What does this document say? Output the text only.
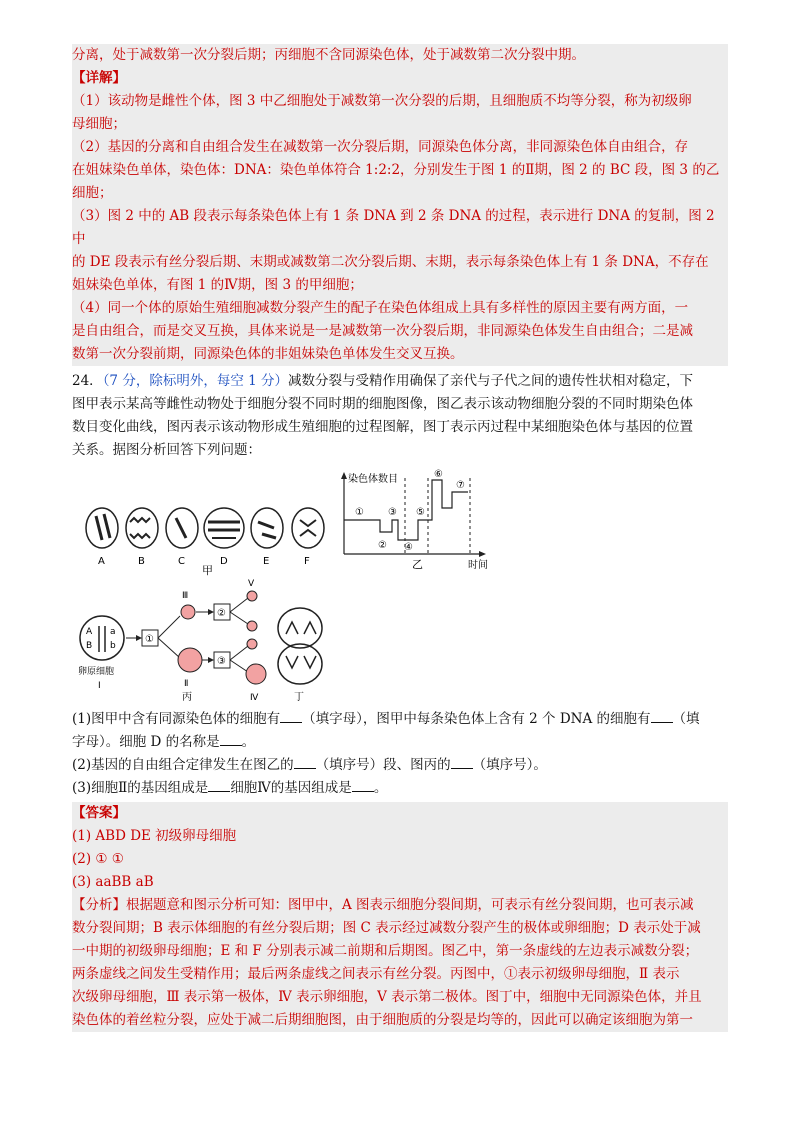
分离，处于减数第一次分裂后期；丙细胞不含同源染色体，处于减数第二次分裂中期。

【详解】

（1）该动物是雌性个体，图 3 中乙细胞处于减数第一次分裂的后期，且细胞质不均等分裂，称为初级卵

母细胞；

（2）基因的分离和自由组合发生在减数第一次分裂后期，同源染色体分离，非同源染色体自由组合，存

在姐妹染色单体，染色体：DNA：染色单体符合 1:2:2，分别发生于图 1 的Ⅱ期，图 2 的 BC 段，图 3 的乙

细胞；

（3）图 2 中的 AB 段表示每条染色体上有 1 条 DNA 到 2 条 DNA 的过程，表示进行 DNA 的复制，图 2 中

的 DE 段表示有丝分裂后期、末期或减数第二次分裂后期、末期，表示每条染色体上有 1 条 DNA，不存在

姐妹染色单体，有图 1 的Ⅳ期，图 3 的甲细胞；

（4）同一个体的原始生殖细胞减数分裂产生的配子在染色体组成上具有多样性的原因主要有两方面，一

是自由组合，而是交叉互换，具体来说是一是减数第一次分裂后期，非同源染色体发生自由组合；二是减

数第一次分裂前期，同源染色体的非姐妹染色单体发生交叉互换。

24．（7 分，除标明外，每空 1 分）减数分裂与受精作用确保了亲代与子代之间的遗传性状相对稳定，下

图甲表示某高等雌性动物处于细胞分裂不同时期的细胞图像，图乙表示该动物细胞分裂的不同时期染色体

数目变化曲线，图丙表示该动物形成生殖细胞的过程图解，图丁表示丙过程中某细胞染色体与基因的位置

关系。据图分析回答下列问题：

A	B	C	D	E	F
甲
染色体数目
时间
乙
①
②
③
④
⑤
⑥
⑦
A a
B b
卵原细胞
Ⅰ
①
Ⅲ
Ⅱ
丙
②
③
Ⅴ
Ⅳ	丁

(1)图甲中含有同源染色体的细胞有 （填字母），图甲中每条染色体上含有 2 个 DNA 的细胞有 （填

字母）。细胞 D 的名称是 。

(2)基因的自由组合定律发生在图乙的 （填序号）段、图丙的 （填序号）。

(3)细胞Ⅱ的基因组成是 细胞Ⅳ的基因组成是 。

【答案】

(1) ABD DE 初级卵母细胞

(2) ① ①

(3) aaBB aB

【分析】根据题意和图示分析可知：图甲中，A 图表示细胞分裂间期，可表示有丝分裂间期，也可表示减

数分裂间期；B 表示体细胞的有丝分裂后期；图 C 表示经过减数分裂产生的极体或卵细胞；D 表示处于减

一中期的初级卵母细胞；E 和 F 分别表示减二前期和后期图。图乙中，第一条虚线的左边表示减数分裂；

两条虚线之间发生受精作用；最后两条虚线之间表示有丝分裂。丙图中，①表示初级卵母细胞，Ⅱ 表示

次级卵母细胞，Ⅲ 表示第一极体，Ⅳ 表示卵细胞，Ⅴ 表示第二极体。图丁中，细胞中无同源染色体，并且

染色体的着丝粒分裂，应处于减二后期细胞图，由于细胞质的分裂是均等的，因此可以确定该细胞为第一
